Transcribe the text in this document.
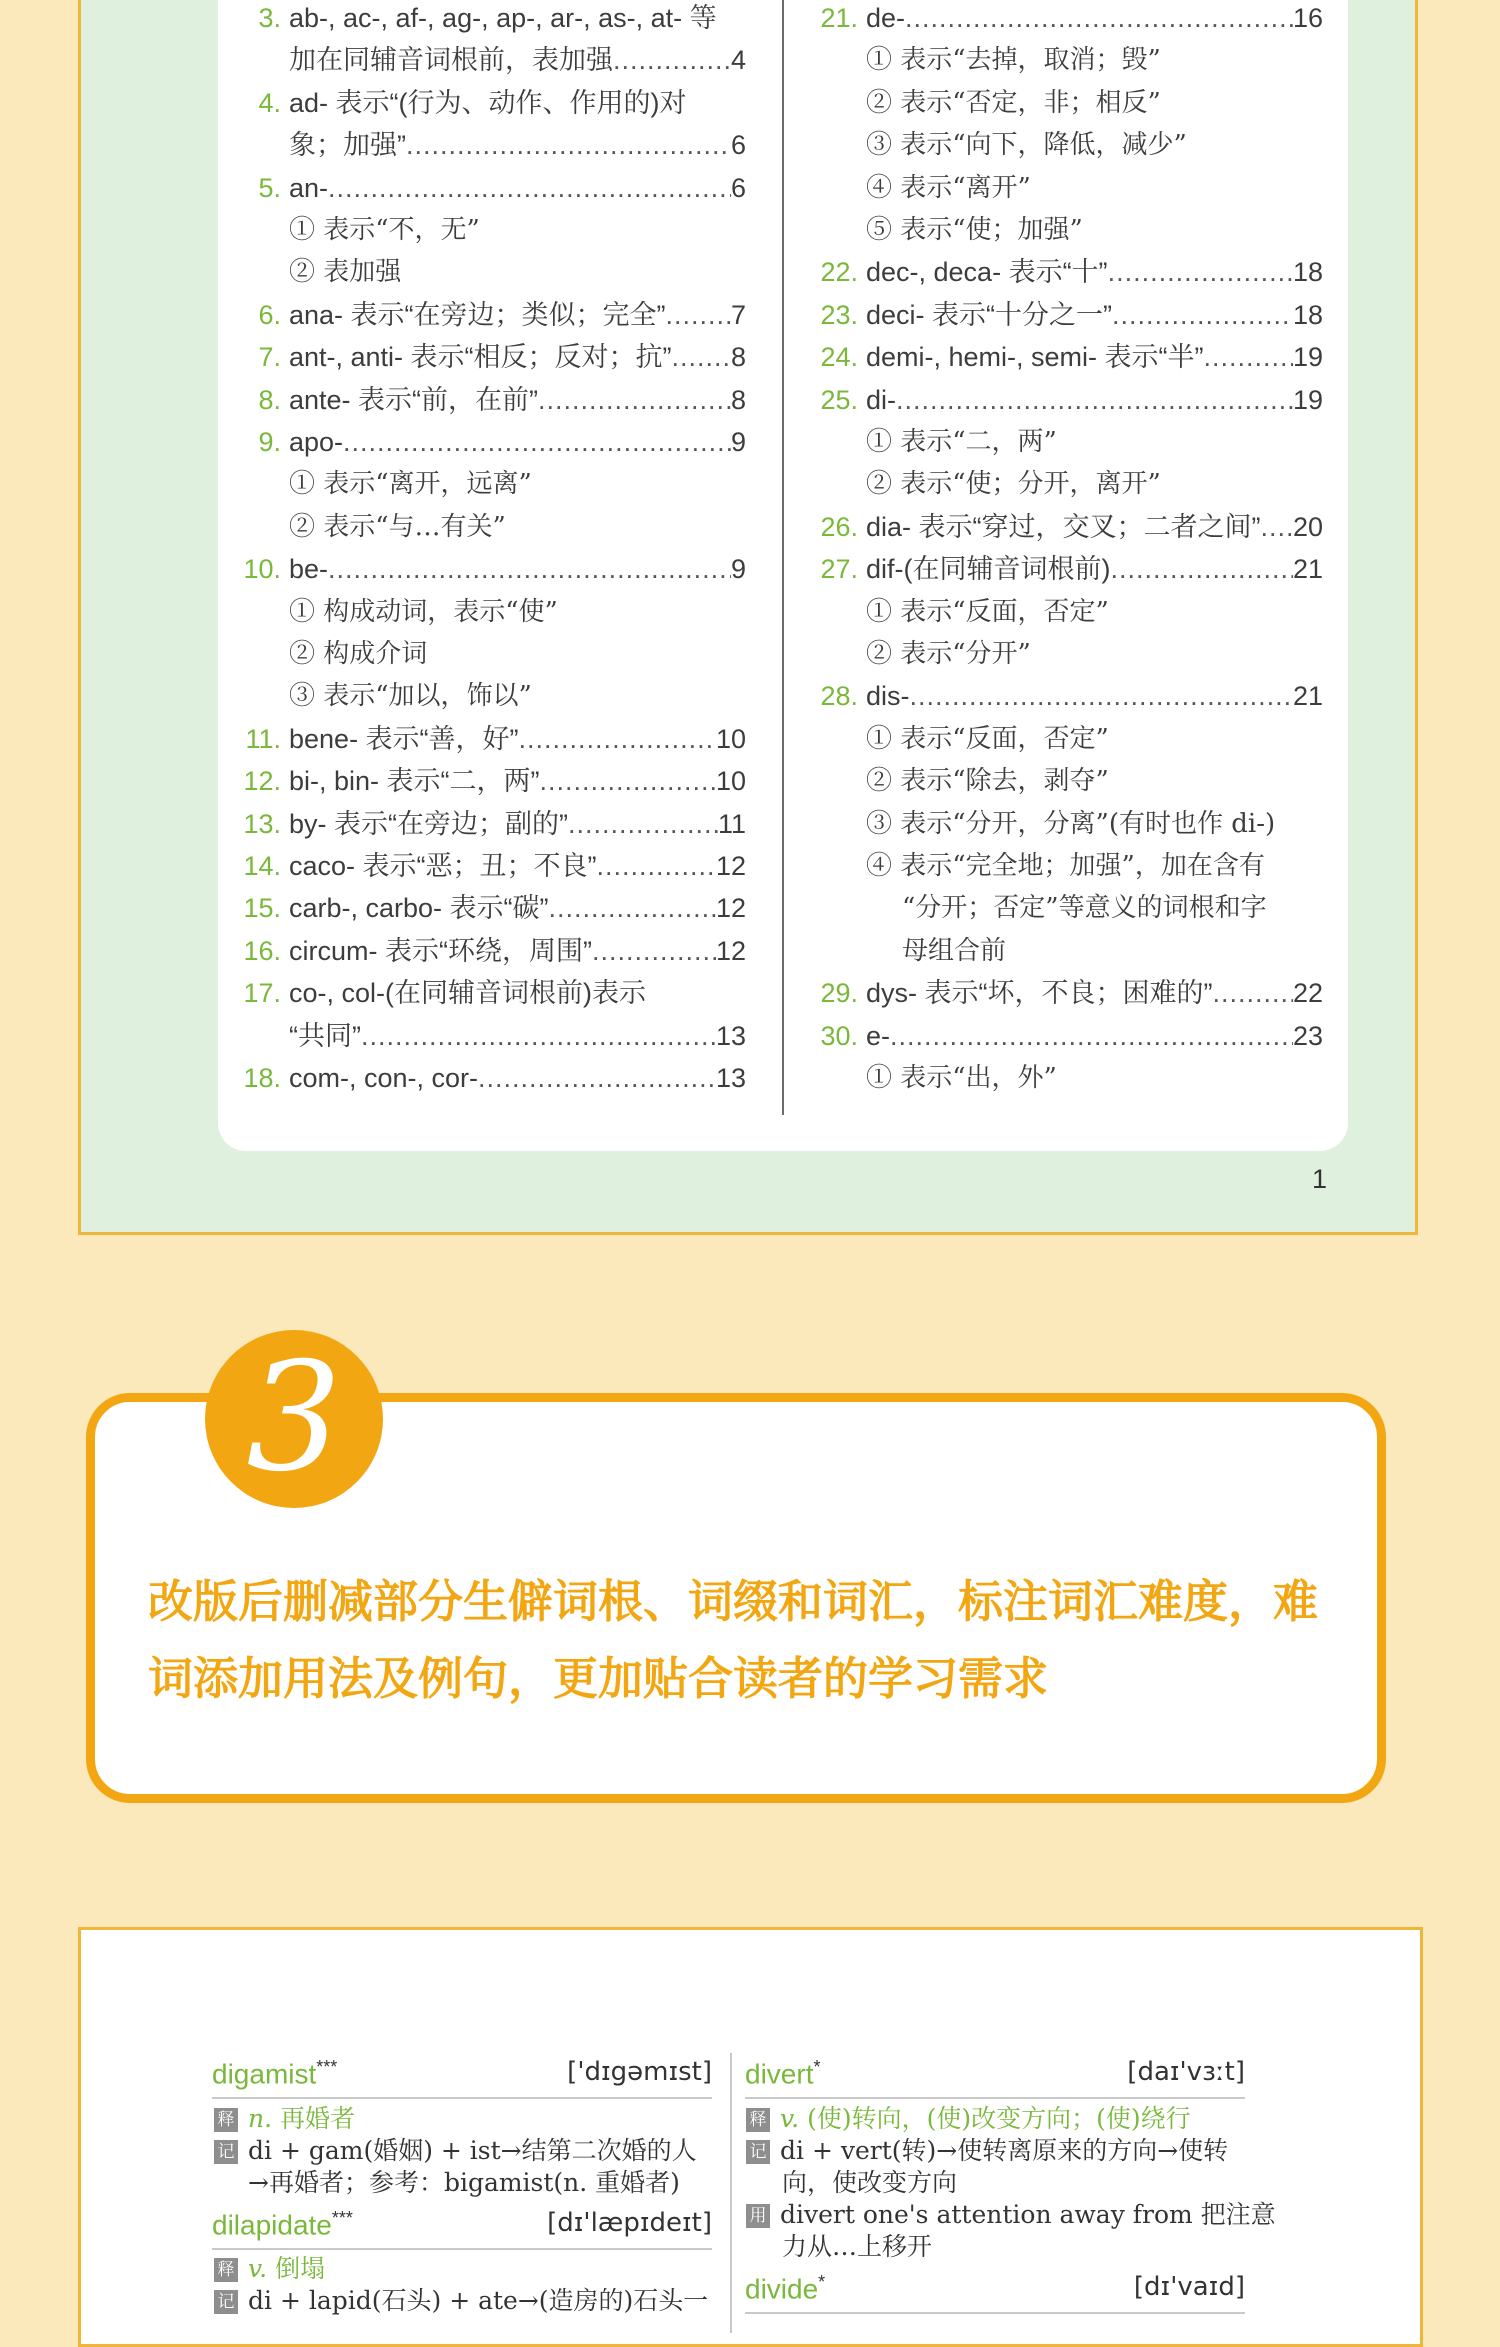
3. ab-, ac-, af-, ag-, ap-, ar-, as-, at- 等
加在同辅音词根前，表加强 .....	4
4. ad- 表示“(行为、动作、作用的)对
象；加强” .....	6
5. an- .....	6
① 表示“不，无”
② 表加强
6. ana- 表示“在旁边；类似；完全” ..... 7
7. ant-, anti- 表示“相反；反对；抗” ..... 8
8. ante- 表示“前，在前” .....	8
9. apo- .....	9
① 表示“离开，远离”
② 表示“与…有关”
10. be- .....	9
① 构成动词，表示“使”
② 构成介词
③ 表示“加以，饰以”
11. bene- 表示“善，好” .....	10
12. bi-, bin- 表示“二，两” .....	10
13. by- 表示“在旁边；副的” .....	11
14. caco- 表示“恶；丑；不良” .....	12
15. carb-, carbo- 表示“碳” .....	12
16. circum- 表示“环绕，周围” .....	12
17. co-, col-(在同辅音词根前)表示
“共同” .....	13
18. com-, con-, cor- .....	13
21. de- .....	16
① 表示“去掉，取消；毁”
② 表示“否定，非；相反”
③ 表示“向下，降低，减少”
④ 表示“离开”
⑤ 表示“使；加强”
22. dec-, deca- 表示“十” .....	18
23. deci- 表示“十分之一” .....	18
24. demi-, hemi-, semi- 表示“半” .....	19
25. di- .....	19
① 表示“二，两”
② 表示“使；分开，离开”
26. dia- 表示“穿过，交叉；二者之间” ..... 20
27. dif-(在同辅音词根前) .....	21
① 表示“反面，否定”
② 表示“分开”
28. dis- .....	21
① 表示“反面，否定”
② 表示“除去，剥夺”
③ 表示“分开，分离”(有时也作 di-)
④ 表示“完全地；加强”，加在含有
“分开；否定”等意义的词根和字
母组合前
29. dys- 表示“坏，不良；困难的” .....	22
30. e- .....	23
① 表示“出，外”
1
3
改版后删减部分生僻词根、词缀和词汇，标注词汇难度，难
词添加用法及例句，更加贴合读者的学习需求
digamist***	['dɪgəmɪst]
释 n. 再婚者
记 di + gam(婚姻) + ist→结第二次婚的人
→再婚者；参考：bigamist(n. 重婚者)
dilapidate***	[dɪ'læpɪdeɪt]
释 v. 倒塌
记 di + lapid(石头) + ate→(造房的)石头一
divert*	[daɪ'vɜːt]
释 v. (使)转向，(使)改变方向；(使)绕行
记 di + vert(转)→使转离原来的方向→使转
向，使改变方向
用 divert one's attention away from 把注意
力从…上移开
divide*	[dɪ'vaɪd]
